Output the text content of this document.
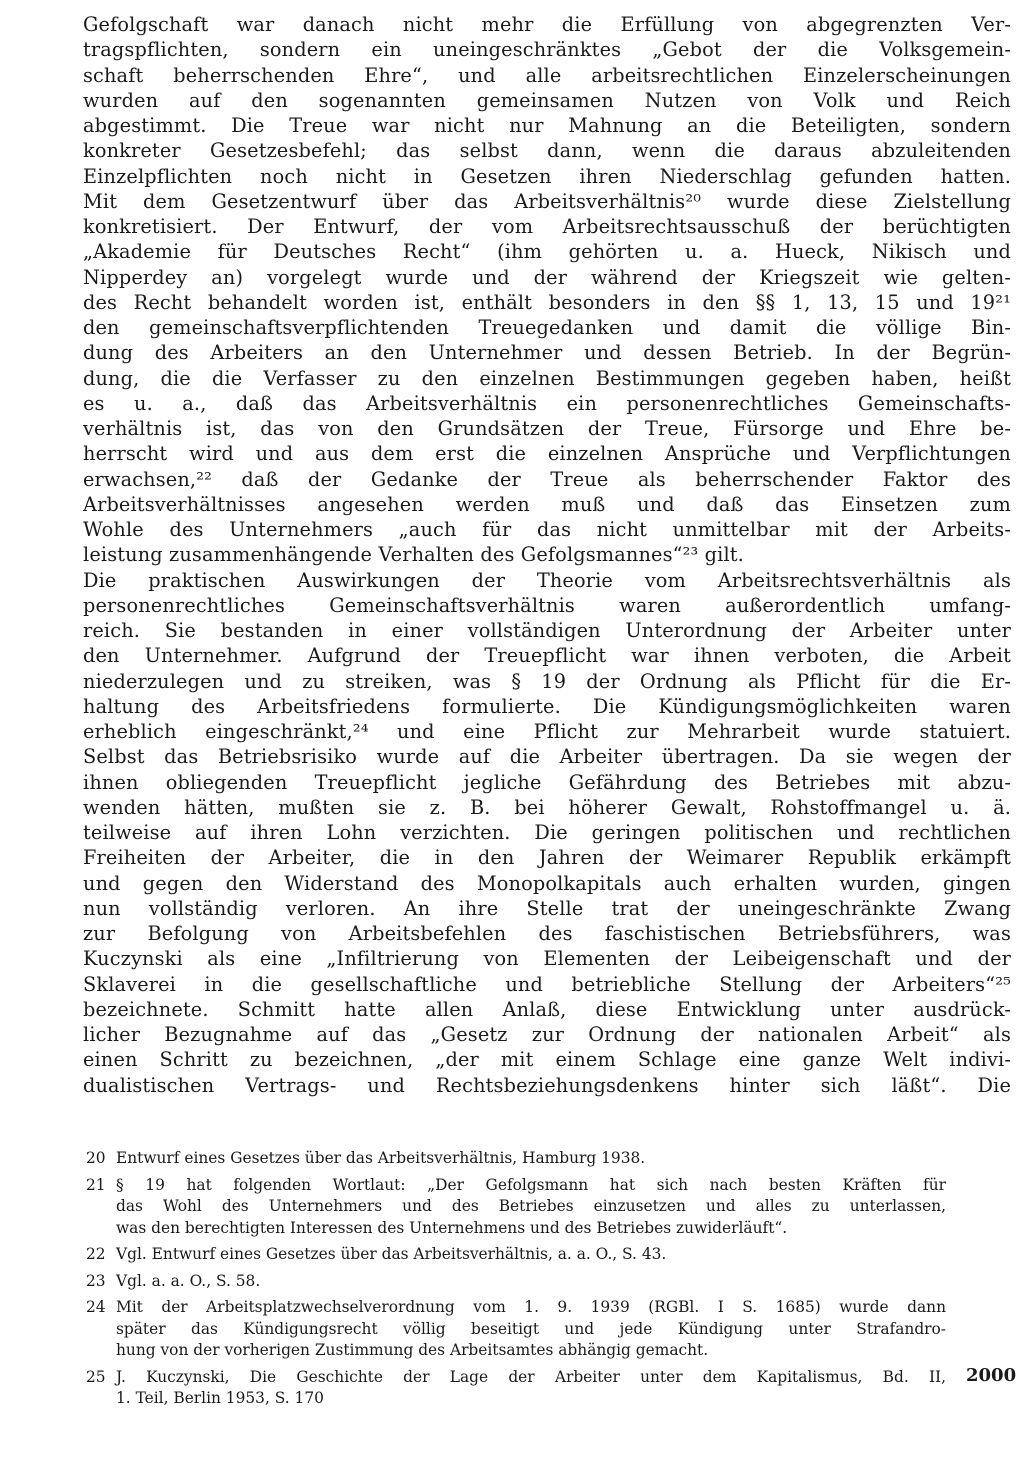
Gefolgschaft war danach nicht mehr die Erfüllung von abgegrenzten Ver-
tragspflichten, sondern ein uneingeschränktes „Gebot der die Volksgemein-
schaft beherrschenden Ehre“, und alle arbeitsrechtlichen Einzelerscheinungen
wurden auf den sogenannten gemeinsamen Nutzen von Volk und Reich
abgestimmt. Die Treue war nicht nur Mahnung an die Beteiligten, sondern
konkreter Gesetzesbefehl; das selbst dann, wenn die daraus abzuleitenden
Einzelpflichten noch nicht in Gesetzen ihren Niederschlag gefunden hatten.
Mit dem Gesetzentwurf über das Arbeitsverhältnis²⁰ wurde diese Zielstellung
konkretisiert. Der Entwurf, der vom Arbeitsrechtsausschuß der berüchtigten
„Akademie für Deutsches Recht“ (ihm gehörten u. a. Hueck, Nikisch und
Nipperdey an) vorgelegt wurde und der während der Kriegszeit wie gelten-
des Recht behandelt worden ist, enthält besonders in den §§ 1, 13, 15 und 19²¹
den gemeinschaftsverpflichtenden Treuegedanken und damit die völlige Bin-
dung des Arbeiters an den Unternehmer und dessen Betrieb. In der Begrün-
dung, die die Verfasser zu den einzelnen Bestimmungen gegeben haben, heißt
es u. a., daß das Arbeitsverhältnis ein personenrechtliches Gemeinschafts-
verhältnis ist, das von den Grundsätzen der Treue, Fürsorge und Ehre be-
herrscht wird und aus dem erst die einzelnen Ansprüche und Verpflichtungen
erwachsen,²² daß der Gedanke der Treue als beherrschender Faktor des
Arbeitsverhältnisses angesehen werden muß und daß das Einsetzen zum
Wohle des Unternehmers „auch für das nicht unmittelbar mit der Arbeits-
leistung zusammenhängende Verhalten des Gefolgsmannes“²³ gilt.
Die praktischen Auswirkungen der Theorie vom Arbeitsrechtsverhältnis als
personenrechtliches Gemeinschaftsverhältnis waren außerordentlich umfang-
reich. Sie bestanden in einer vollständigen Unterordnung der Arbeiter unter
den Unternehmer. Aufgrund der Treuepflicht war ihnen verboten, die Arbeit
niederzulegen und zu streiken, was § 19 der Ordnung als Pflicht für die Er-
haltung des Arbeitsfriedens formulierte. Die Kündigungsmöglichkeiten waren
erheblich eingeschränkt,²⁴ und eine Pflicht zur Mehrarbeit wurde statuiert.
Selbst das Betriebsrisiko wurde auf die Arbeiter übertragen. Da sie wegen der
ihnen obliegenden Treuepflicht jegliche Gefährdung des Betriebes mit abzu-
wenden hätten, mußten sie z. B. bei höherer Gewalt, Rohstoffmangel u. ä.
teilweise auf ihren Lohn verzichten. Die geringen politischen und rechtlichen
Freiheiten der Arbeiter, die in den Jahren der Weimarer Republik erkämpft
und gegen den Widerstand des Monopolkapitals auch erhalten wurden, gingen
nun vollständig verloren. An ihre Stelle trat der uneingeschränkte Zwang
zur Befolgung von Arbeitsbefehlen des faschistischen Betriebsführers, was
Kuczynski als eine „Infiltrierung von Elementen der Leibeigenschaft und der
Sklaverei in die gesellschaftliche und betriebliche Stellung der Arbeiters“²⁵
bezeichnete. Schmitt hatte allen Anlaß, diese Entwicklung unter ausdrück-
licher Bezugnahme auf das „Gesetz zur Ordnung der nationalen Arbeit“ als
einen Schritt zu bezeichnen, „der mit einem Schlage eine ganze Welt indivi-
dualistischen Vertrags- und Rechtsbeziehungsdenkens hinter sich läßt“. Die
20 Entwurf eines Gesetzes über das Arbeitsverhältnis, Hamburg 1938.
21 § 19 hat folgenden Wortlaut: „Der Gefolgsmann hat sich nach besten Kräften für
das Wohl des Unternehmers und des Betriebes einzusetzen und alles zu unterlassen,
was den berechtigten Interessen des Unternehmens und des Betriebes zuwiderläuft“.
22 Vgl. Entwurf eines Gesetzes über das Arbeitsverhältnis, a. a. O., S. 43.
23 Vgl. a. a. O., S. 58.
24 Mit der Arbeitsplatzwechselverordnung vom 1. 9. 1939 (RGBl. I S. 1685) wurde dann
später das Kündigungsrecht völlig beseitigt und jede Kündigung unter Strafandro-
hung von der vorherigen Zustimmung des Arbeitsamtes abhängig gemacht.
25 J. Kuczynski, Die Geschichte der Lage der Arbeiter unter dem Kapitalismus, Bd. II,
1. Teil, Berlin 1953, S. 170
2000
